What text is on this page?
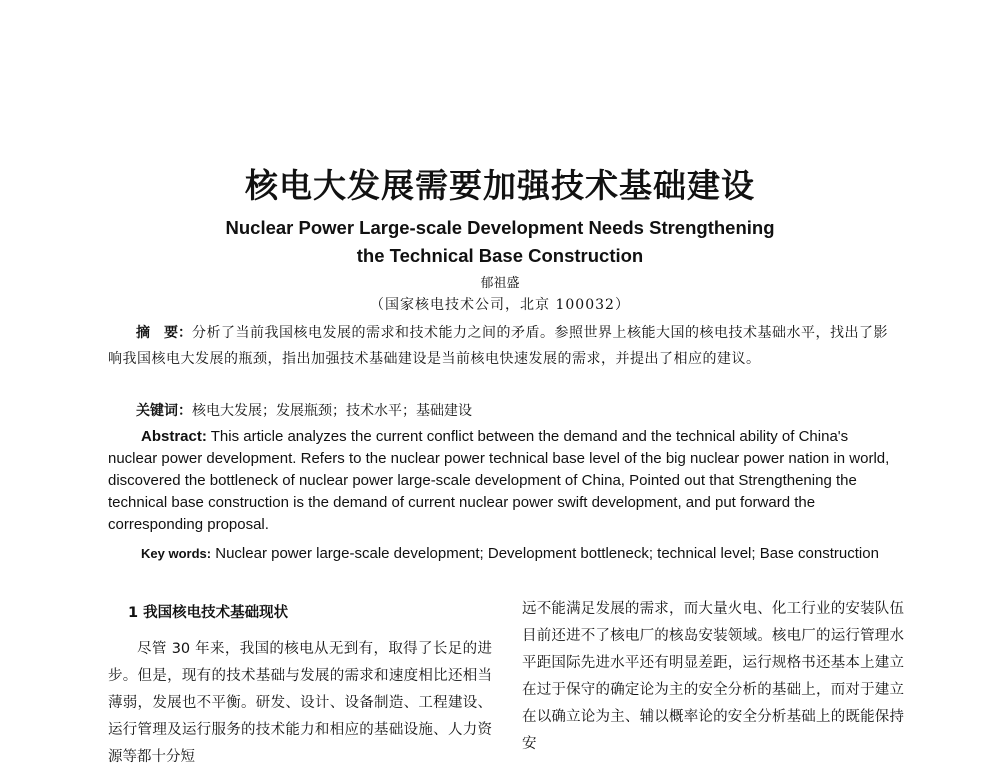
核电大发展需要加强技术基础建设
Nuclear Power Large-scale Development Needs Strengthening
the Technical Base Construction
郁祖盛
（国家核电技术公司，北京 100032）

摘　要：分析了当前我国核电发展的需求和技术能力之间的矛盾。参照世界上核能大国的核电技术基础水平，找出了影响我国核电大发展的瓶颈，指出加强技术基础建设是当前核电快速发展的需求，并提出了相应的建议。

关键词：核电大发展；发展瓶颈；技术水平；基础建设

Abstract: This article analyzes the current conflict between the demand and the technical ability of China's nuclear power development. Refers to the nuclear power technical base level of the big nuclear power nation in world, discovered the bottleneck of nuclear power large-scale development of China, Pointed out that Strengthening the technical base construction is the demand of current nuclear power swift development, and put forward the corresponding proposal.

Key words: Nuclear power large-scale development; Development bottleneck; technical level; Base construction

1 我国核电技术基础现状

尽管 30 年来，我国的核电从无到有，取得了长足的进步。但是，现有的技术基础与发展的需求和速度相比还相当薄弱，发展也不平衡。研发、设计、设备制造、工程建设、运行管理及运行服务的技术能力和相应的基础设施、人力资源等都十分短

远不能满足发展的需求，而大量火电、化工行业的安装队伍目前还进不了核电厂的核岛安装领域。核电厂的运行管理水平距国际先进水平还有明显差距，运行规格书还基本上建立在过于保守的确定论为主的安全分析的基础上，而对于建立在以确立论为主、辅以概率论的安全分析基础上的既能保持安
